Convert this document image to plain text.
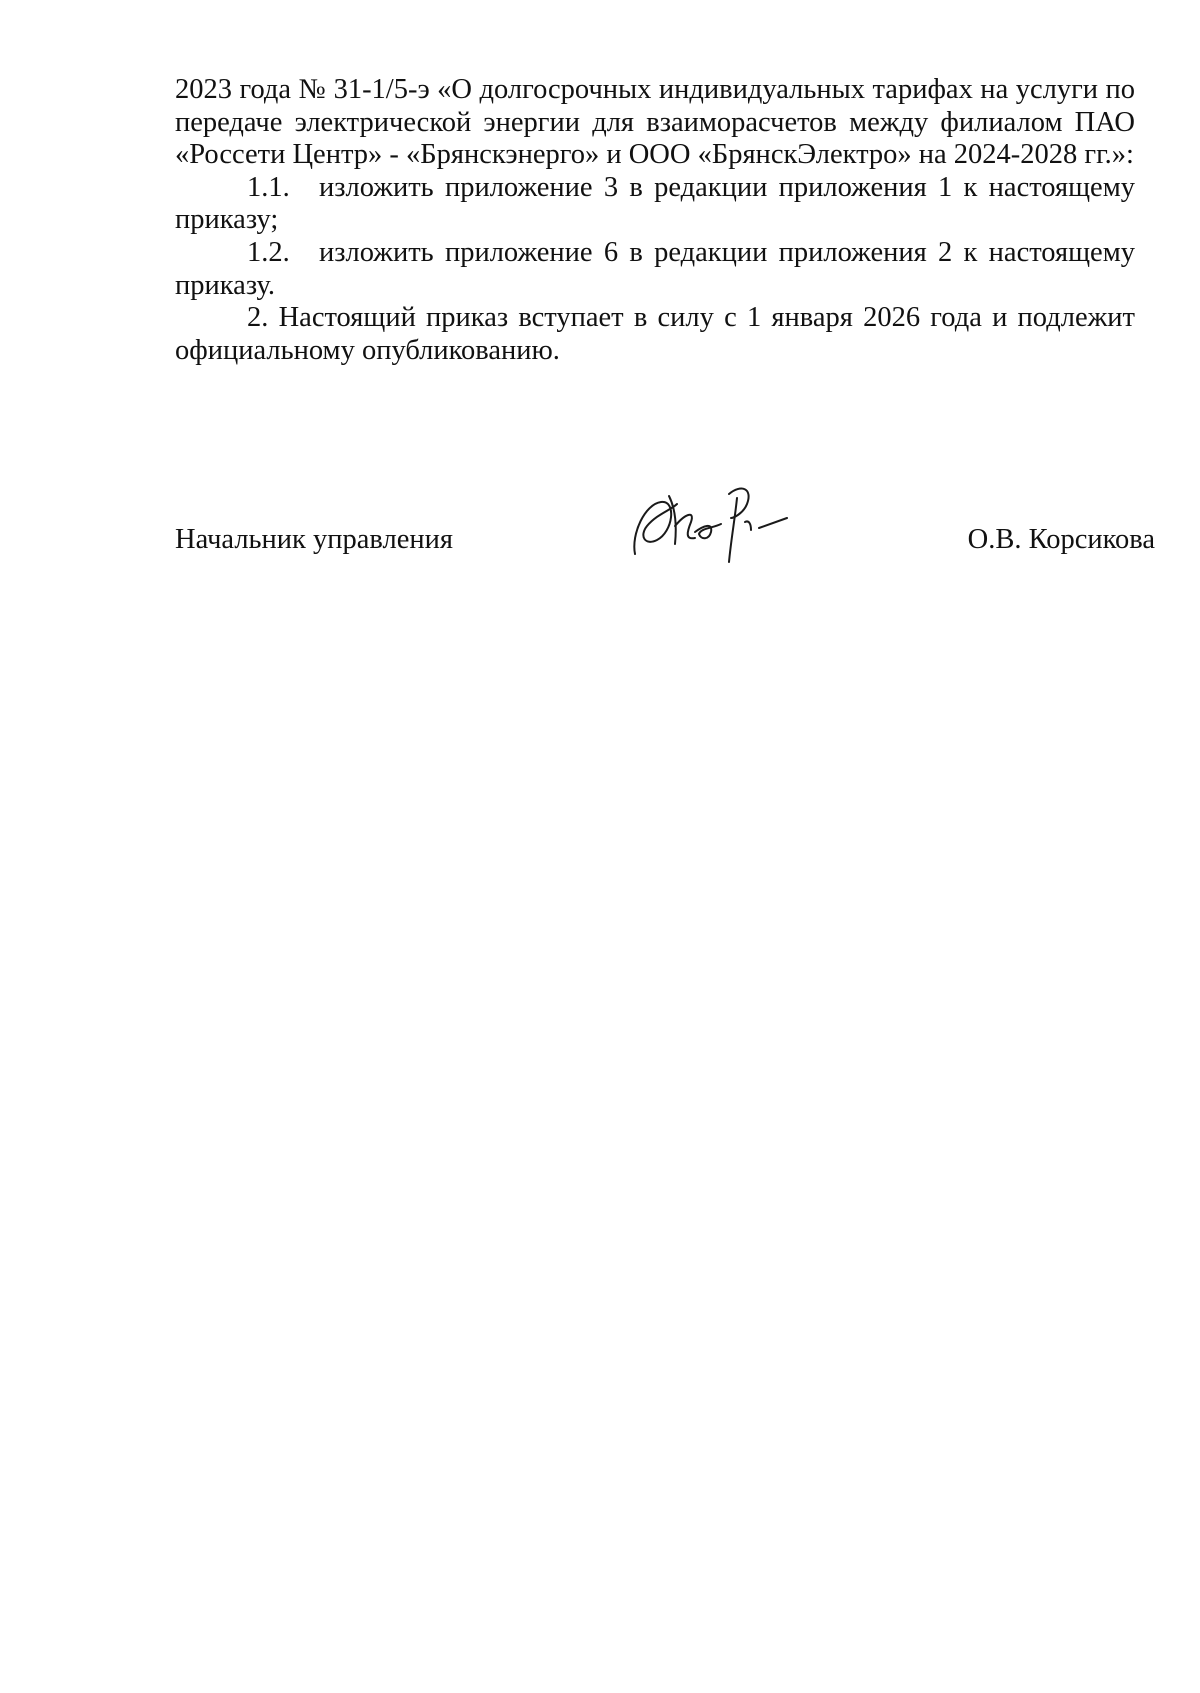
2023 года № 31-1/5-э «О долгосрочных индивидуальных тарифах на услуги по передаче электрической энергии для взаиморасчетов между филиалом ПАО «Россети Центр» - «Брянскэнерго» и ООО «БрянскЭлектро» на 2024-2028 гг.»:

1.1. изложить приложение 3 в редакции приложения 1 к настоящему приказу;

1.2. изложить приложение 6 в редакции приложения 2 к настоящему приказу.

2. Настоящий приказ вступает в силу с 1 января 2026 года и подлежит официальному опубликованию.

Начальник управления	О.В. Корсикова
